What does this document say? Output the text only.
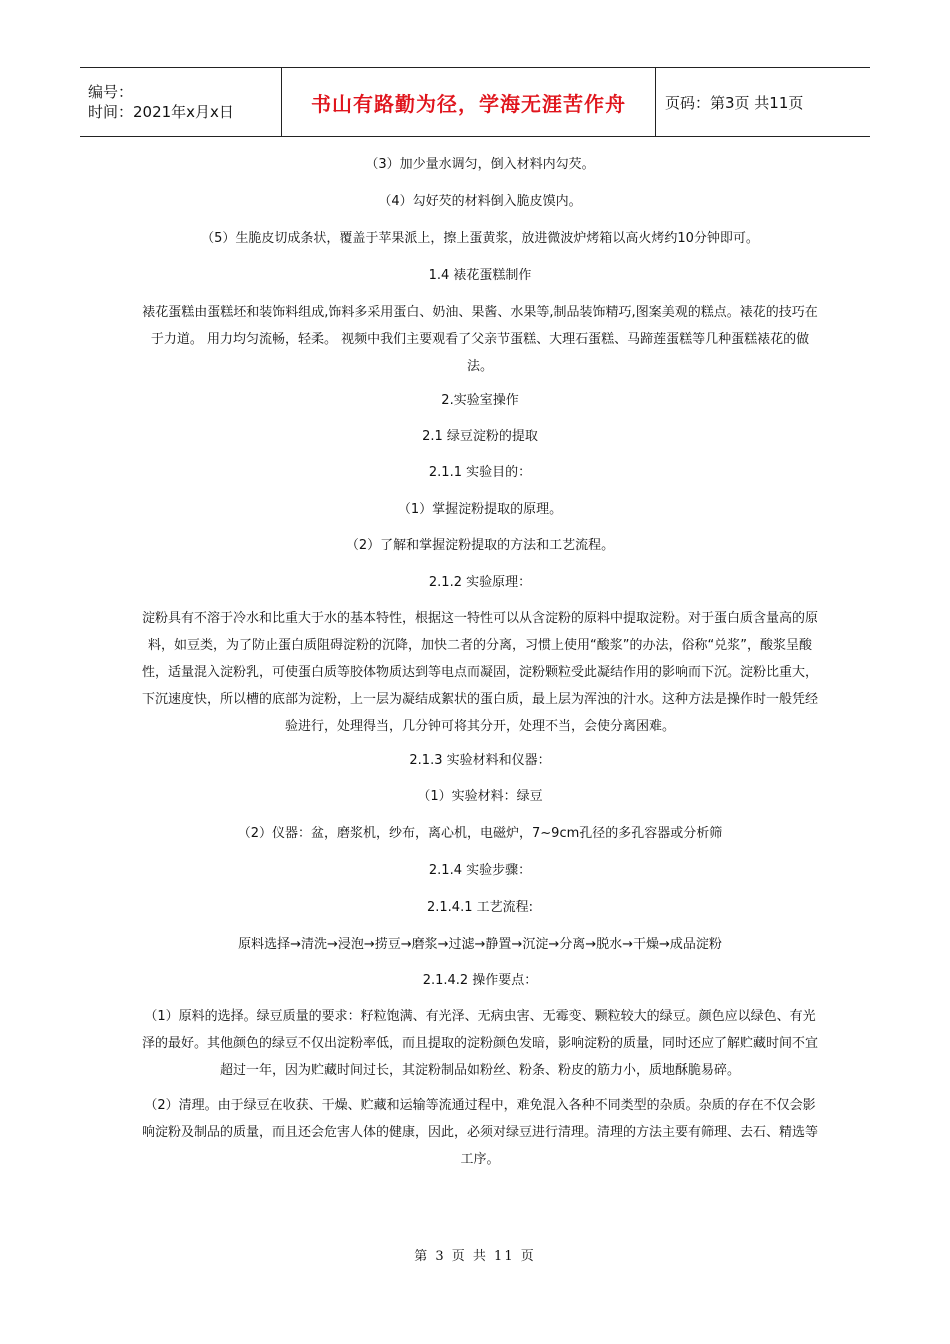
编号：
时间：2021年x月x日	书山有路勤为径，学海无涯苦作舟	页码：第3页 共11页
（3）加少量水调匀，倒入材料内勾芡。
（4）勾好芡的材料倒入脆皮馍内。
（5）生脆皮切成条状，覆盖于苹果派上，擦上蛋黄浆，放进微波炉烤箱以高火烤约10分钟即可。
1.4 裱花蛋糕制作
裱花蛋糕由蛋糕坯和装饰料组成,饰料多采用蛋白、奶油、果酱、水果等,制品装饰精巧,图案美观的糕点。裱花的技巧在于力道。 用力均匀流畅，轻柔。 视频中我们主要观看了父亲节蛋糕、大理石蛋糕、马蹄莲蛋糕等几种蛋糕裱花的做法。
2.实验室操作
2.1 绿豆淀粉的提取
2.1.1 实验目的：
（1）掌握淀粉提取的原理。
（2）了解和掌握淀粉提取的方法和工艺流程。
2.1.2 实验原理：
淀粉具有不溶于冷水和比重大于水的基本特性，根据这一特性可以从含淀粉的原料中提取淀粉。对于蛋白质含量高的原料，如豆类，为了防止蛋白质阻碍淀粉的沉降，加快二者的分离，习惯上使用“酸浆”的办法，俗称“兑浆”，酸浆呈酸性，适量混入淀粉乳，可使蛋白质等胶体物质达到等电点而凝固，淀粉颗粒受此凝结作用的影响而下沉。淀粉比重大，下沉速度快，所以槽的底部为淀粉，上一层为凝结成絮状的蛋白质，最上层为浑浊的汁水。这种方法是操作时一般凭经验进行，处理得当，几分钟可将其分开，处理不当，会使分离困难。
2.1.3 实验材料和仪器：
（1）实验材料：绿豆
（2）仪器：盆，磨浆机，纱布，离心机，电磁炉，7~9cm孔径的多孔容器或分析筛
2.1.4 实验步骤：
2.1.4.1 工艺流程:
原料选择→清洗→浸泡→捞豆→磨浆→过滤→静置→沉淀→分离→脱水→干燥→成品淀粉
2.1.4.2 操作要点：
（1）原料的选择。绿豆质量的要求：籽粒饱满、有光泽、无病虫害、无霉变、颗粒较大的绿豆。颜色应以绿色、有光泽的最好。其他颜色的绿豆不仅出淀粉率低，而且提取的淀粉颜色发暗，影响淀粉的质量，同时还应了解贮藏时间不宜超过一年，因为贮藏时间过长，其淀粉制品如粉丝、粉条、粉皮的筋力小，质地酥脆易碎。
（2）清理。由于绿豆在收获、干燥、贮藏和运输等流通过程中，难免混入各种不同类型的杂质。杂质的存在不仅会影响淀粉及制品的质量，而且还会危害人体的健康，因此，必须对绿豆进行清理。清理的方法主要有筛理、去石、精选等工序。
第 3 页 共 11 页
